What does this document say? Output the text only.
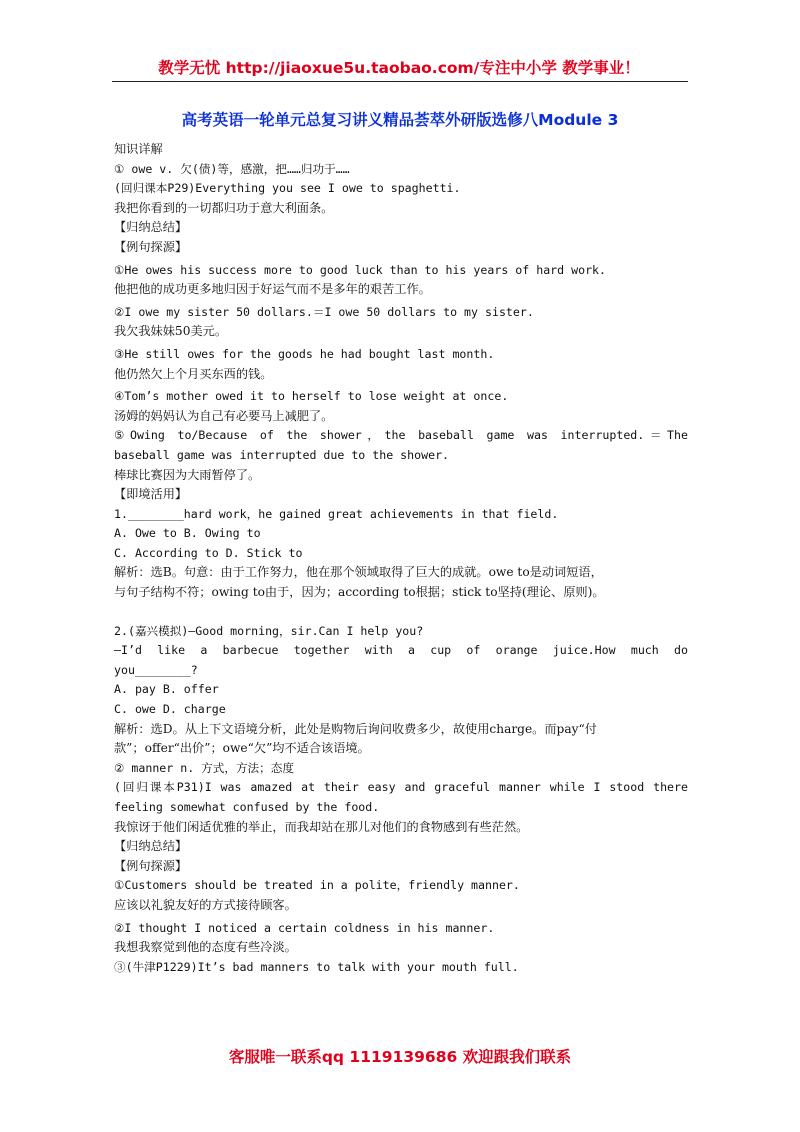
教学无忧 http://jiaoxue5u.taobao.com/专注中小学 教学事业！
高考英语一轮单元总复习讲义精品荟萃外研版选修八Module 3
知识详解
① owe v. 欠(债)等，感激，把……归功于……
(回归课本P29)Everything you see I owe to spaghetti.
我把你看到的一切都归功于意大利面条。
【归纳总结】
【例句探源】
①He owes his success more to good luck than to his years of hard work.
他把他的成功更多地归因于好运气而不是多年的艰苦工作。
②I owe my sister 50 dollars.＝I owe 50 dollars to my sister.
我欠我妹妹50美元。
③He still owes for the goods he had bought last month.
他仍然欠上个月买东西的钱。
④Tom’s mother owed it to herself to lose weight at once.
汤姆的妈妈认为自己有必要马上减肥了。
⑤Owing to/Because of the shower，the baseball game was interrupted.＝The
baseball game was interrupted due to the shower.
棒球比赛因为大雨暂停了。
【即境活用】
1.________hard work，he gained great achievements in that field.
A. Owe to B. Owing to
C. According to D. Stick to
解析：选B。句意：由于工作努力，他在那个领域取得了巨大的成就。owe to是动词短语，
与句子结构不符；owing to由于，因为；according to根据；stick to坚持(理论、原则)。
2.(嘉兴模拟)—Good morning，sir.Can I help you?
—I’d like a barbecue together with a cup of orange juice.How much do
you________?
A. pay B. offer
C. owe D. charge
解析：选D。从上下文语境分析，此处是购物后询问收费多少，故使用charge。而pay“付
款”；offer“出价”；owe“欠”均不适合该语境。
② manner n. 方式，方法；态度
(回归课本P31)I was amazed at their easy and graceful manner while I stood there
feeling somewhat confused by the food.
我惊讶于他们闲适优雅的举止，而我却站在那儿对他们的食物感到有些茫然。
【归纳总结】
【例句探源】
①Customers should be treated in a polite，friendly manner.
应该以礼貌友好的方式接待顾客。
②I thought I noticed a certain coldness in his manner.
我想我察觉到他的态度有些冷淡。
③(牛津P1229)It’s bad manners to talk with your mouth full.
客服唯一联系qq 1119139686 欢迎跟我们联系
